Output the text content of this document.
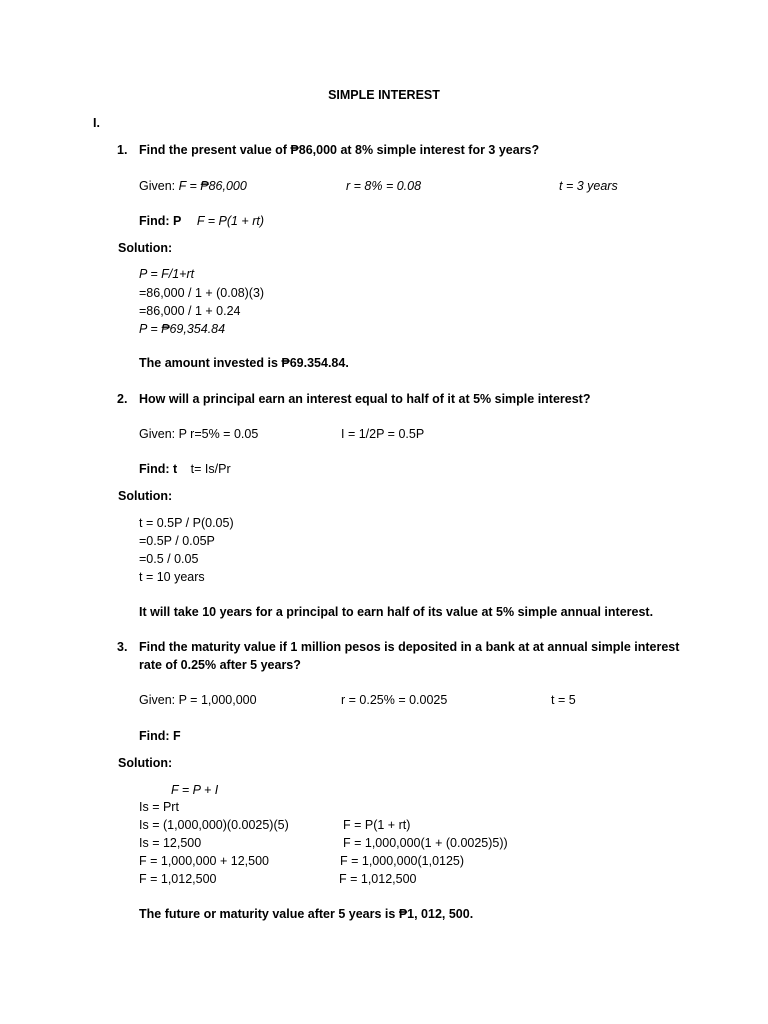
SIMPLE INTEREST
I.
1. Find the present value of ₱86,000 at 8% simple interest for 3 years?
Given: F = ₱86,000	r = 8% = 0.08	t = 3 years
Find: P F = P(1 + rt)
Solution:
P = F/1+rt
=86,000 / 1 + (0.08)(3)
=86,000 / 1 + 0.24
P = ₱69,354.84
The amount invested is ₱69.354.84.
2. How will a principal earn an interest equal to half of it at 5% simple interest?
Given: P r=5% = 0.05	I = 1/2P = 0.5P
Find: t t= Is/Pr
Solution:
t = 0.5P / P(0.05)
=0.5P / 0.05P
=0.5 / 0.05
t = 10 years
It will take 10 years for a principal to earn half of its value at 5% simple annual interest.
3. Find the maturity value if 1 million pesos is deposited in a bank at at annual simple interest
rate of 0.25% after 5 years?
Given: P = 1,000,000	r = 0.25% = 0.0025	t = 5
Find: F
Solution:
F = P + I
Is = Prt
Is = (1,000,000)(0.0025)(5)
Is = 12,500
F = 1,000,000 + 12,500
F = 1,012,500
F = P(1 + rt)
F = 1,000,000(1 + (0.0025)5))
F = 1,000,000(1,0125)
F = 1,012,500
The future or maturity value after 5 years is ₱1, 012, 500.
